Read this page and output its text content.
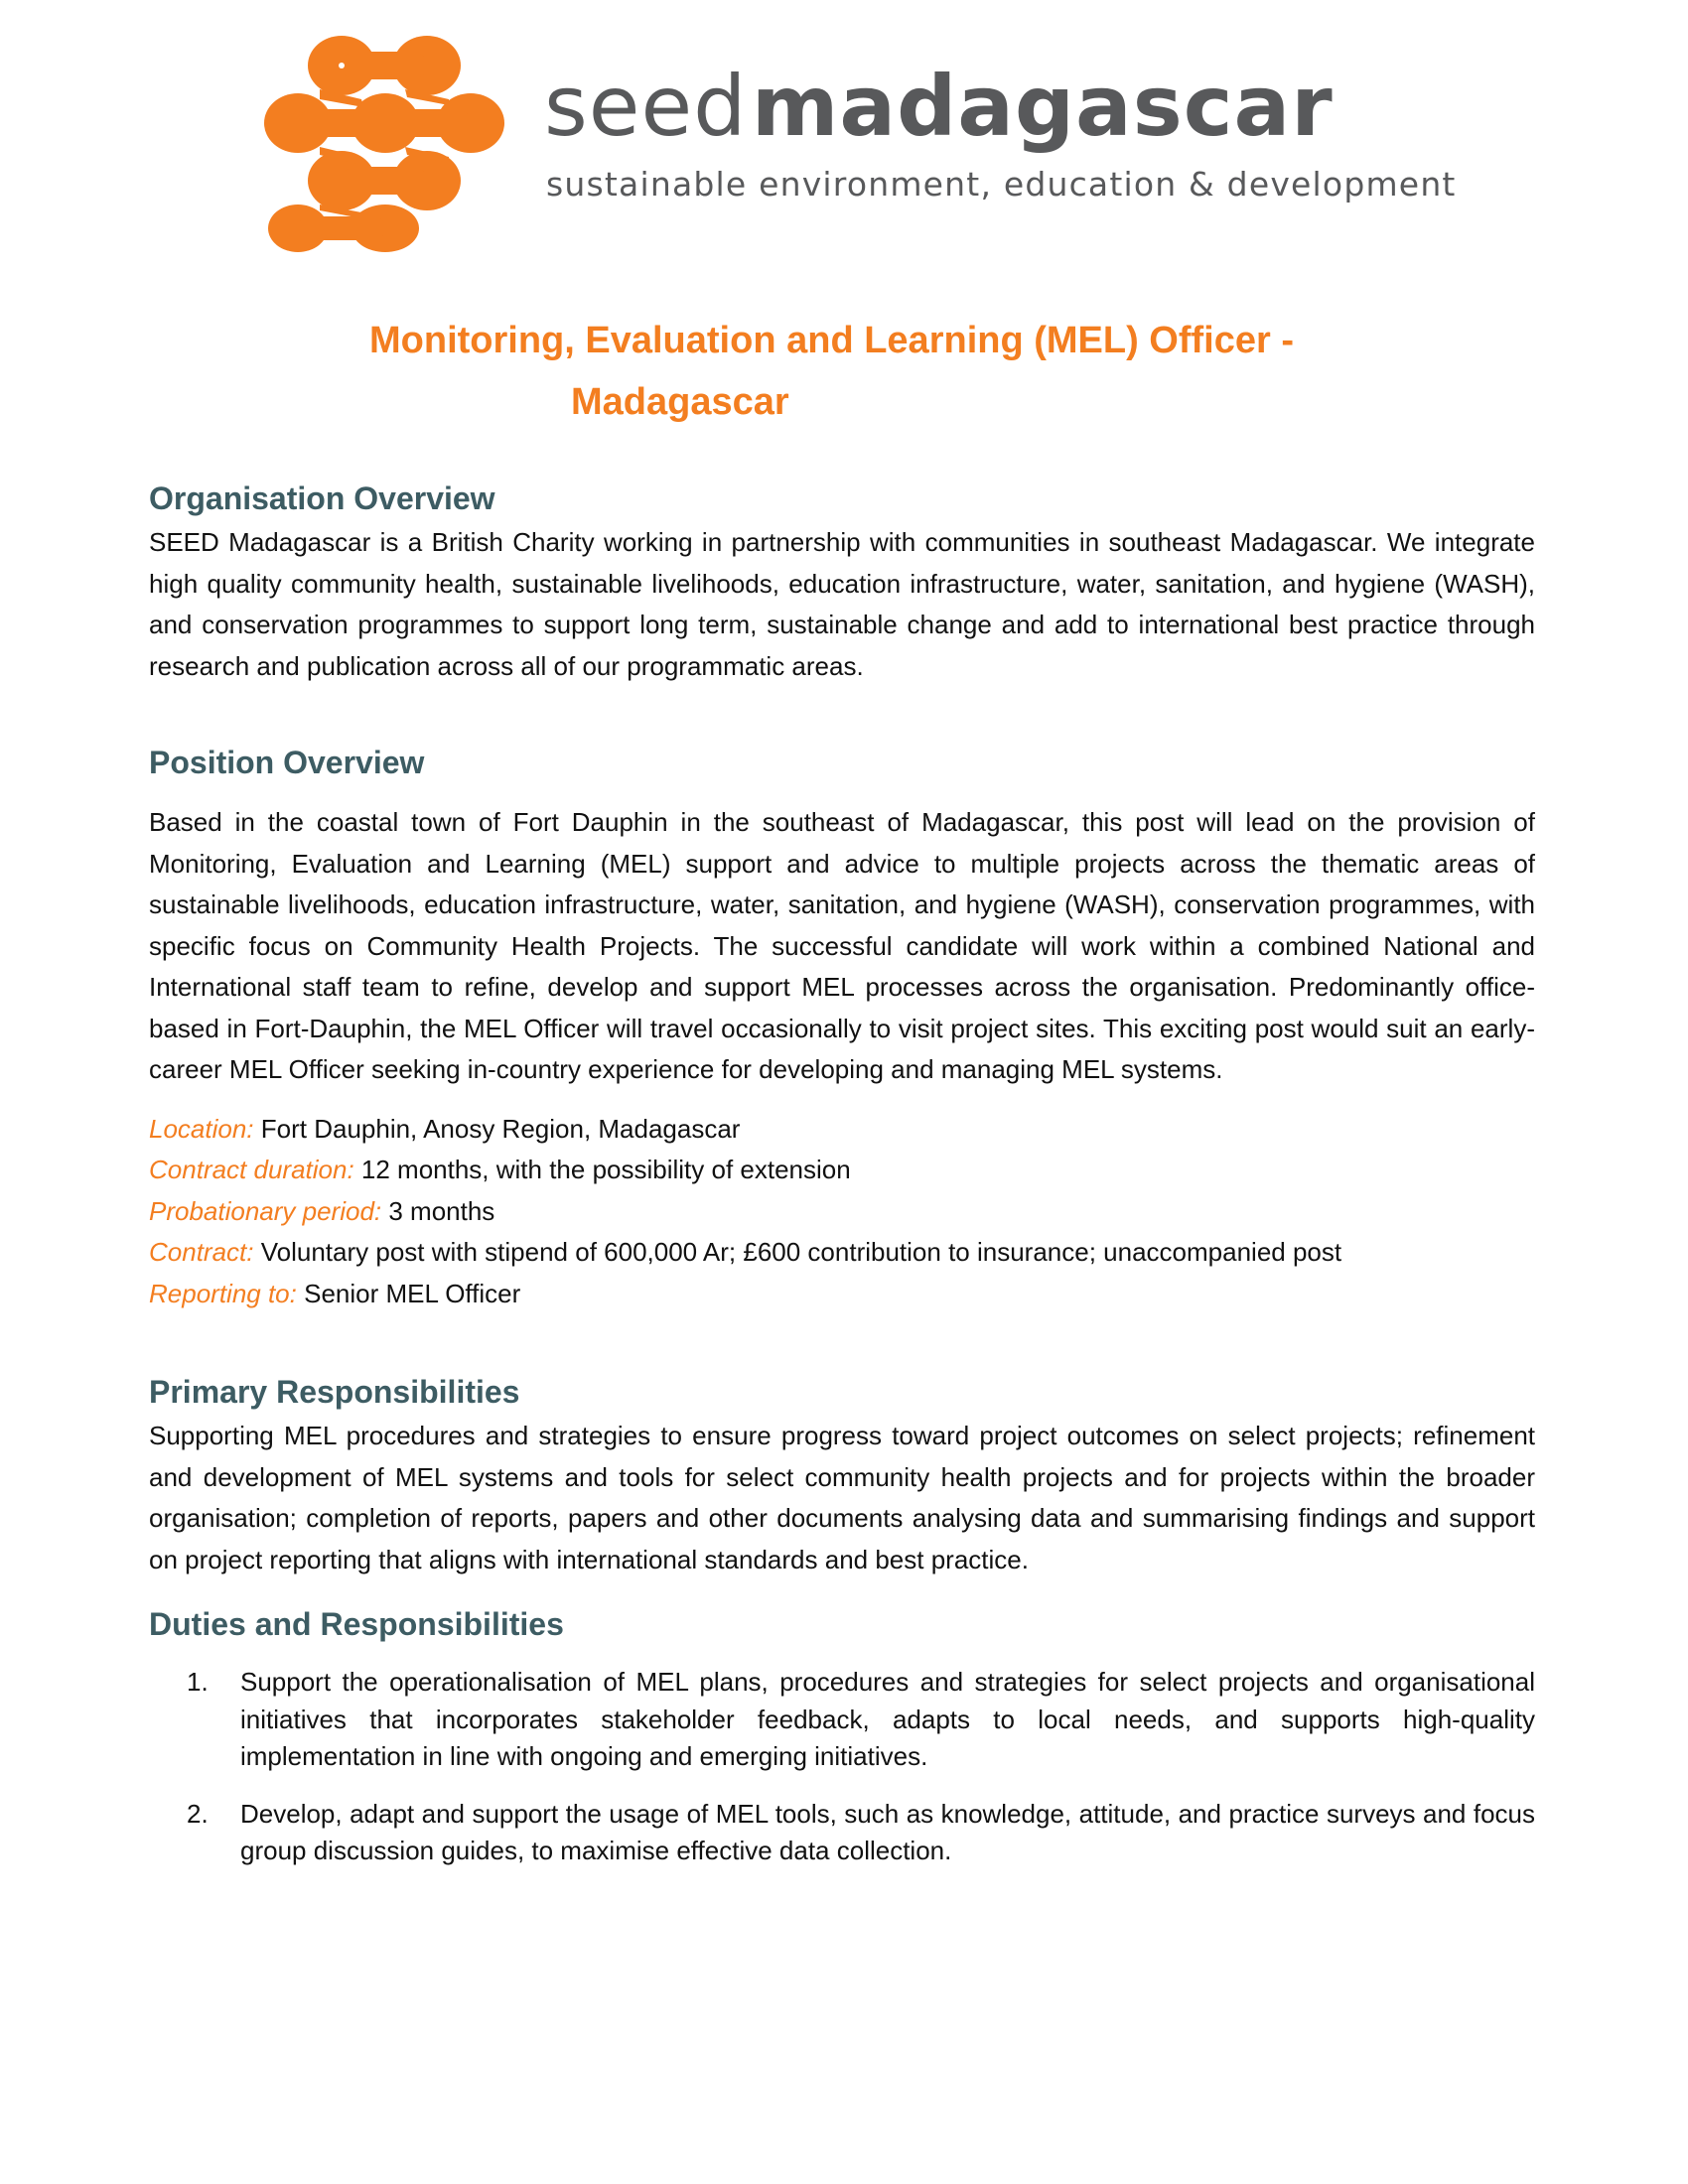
seed madagascar
sustainable environment, education & development
Monitoring, Evaluation and Learning (MEL) Officer -
Madagascar
Organisation Overview

SEED Madagascar is a British Charity working in partnership with communities in southeast Madagascar. We integrate high quality community health, sustainable livelihoods, education infrastructure, water, sanitation, and hygiene (WASH), and conservation programmes to support long term, sustainable change and add to international best practice through research and publication across all of our programmatic areas.

Position Overview

Based in the coastal town of Fort Dauphin in the southeast of Madagascar, this post will lead on the provision of Monitoring, Evaluation and Learning (MEL) support and advice to multiple projects across the thematic areas of sustainable livelihoods, education infrastructure, water, sanitation, and hygiene (WASH), conservation programmes, with specific focus on Community Health Projects. The successful candidate will work within a combined National and International staff team to refine, develop and support MEL processes across the organisation. Predominantly office-based in Fort-Dauphin, the MEL Officer will travel occasionally to visit project sites. This exciting post would suit an early-career MEL Officer seeking in-country experience for developing and managing MEL systems.

Location: Fort Dauphin, Anosy Region, Madagascar
Contract duration: 12 months, with the possibility of extension
Probationary period: 3 months
Contract: Voluntary post with stipend of 600,000 Ar; £600 contribution to insurance; unaccompanied post
Reporting to: Senior MEL Officer
Primary Responsibilities

Supporting MEL procedures and strategies to ensure progress toward project outcomes on select projects; refinement and development of MEL systems and tools for select community health projects and for projects within the broader organisation; completion of reports, papers and other documents analysing data and summarising findings and support on project reporting that aligns with international standards and best practice.

Duties and Responsibilities
1. Support the operationalisation of MEL plans, procedures and strategies for select projects and organisational initiatives that incorporates stakeholder feedback, adapts to local needs, and supports high-quality implementation in line with ongoing and emerging initiatives.
2. Develop, adapt and support the usage of MEL tools, such as knowledge, attitude, and practice surveys and focus group discussion guides, to maximise effective data collection.
